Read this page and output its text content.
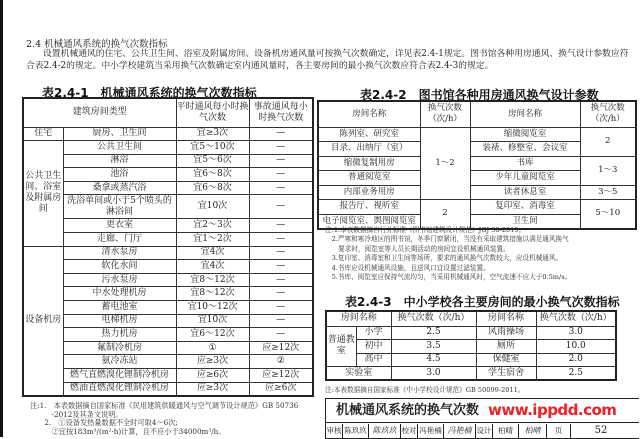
2.4 机械通风系统的换气次数指标
设置机械通风的住宅、公共卫生间、浴室及附属房间、设备机房通风量可按换气次数确定，详见表2.4-1规定。图书馆各种用房通风、换气设计参数应符合表2.4-2的规定。中小学校建筑当采用换气次数确定室内通风量时，各主要房间的最小换气次数应符合表2.4-3的规定。
表2.4-1　机械通风系统的换气次数指标
建筑房间类型		平时通风每小时换气次数	事故通风每小时换气次数
住宅	厨房、卫生间	宜≥3次	—
公共卫生间、浴室及附属房间	公共卫生间	宜5～10次	—
	淋浴	宜5～6次	—
	池浴	宜6～8次	—
	桑拿或蒸汽浴	宜6～8次	—
	洗浴单间或小于5个喷头的淋浴间	宜10次	—
	更衣室	宜2～3次	—
	走廊、门厅	宜1～2次	—
设备机房	清水泵房	宜4次	—
	软化水间	宜4次	—
	污水泵房	宜8～12次	—
	中水处理机房	宜8～12次	—
	蓄电池室	宜10～12次	—
	电梯机房	宜10次	—
	热力机房	宜6～12次	—
	氟制冷机房	①	应≥12次
	氨冷冻站	应≥3次	②
	燃气直燃溴化锂制冷机房	应≥6次	应≥12次
	燃油直燃溴化锂制冷机房	应≥3次	应≥6次
注:1.　本表数据摘自国家标准《民用建筑供暖通风与空气调节设计规范》GB 50736
　　　-2012及其条文说明。
　　2.　①设备发热量数据不全时可取4～6次;
　　　②宜按183m³/(m²·h)计算，且不应小于34000m³/h。
表2.4-2　图书馆各种用房通风换气设计参数
房间名称	换气次数（次/h）	房间名称	换气次数（次/h）
陈列室、研究室	1～2	缩微阅览室	2
目录、出纳厅（室）		装裱、修整室、会议室	
缩微复制用房		书库	1～3
普通阅览室		少年儿童阅览室	
内部业务用房		读者休息室	3～5
报告厅、视听室	2	复印室、消毒室	5～10
电子阅览室、舆图阅览室		卫生间	
注:1.本表数据摘自行业标准《图书馆建筑设计规范》JGJ 38-2015。
　2.严寒和寒冷地区的图书馆，冬季门窗紧闭，当没有采取建筑措施以满足通风换气
　　要求时，阅览室等人员长期活动的房间宜设机械通风装置。
　3.复印室、消毒室和卫生间等场所，要求的通风换气次数较大，应设机械通风。
　4.书库应设机械通风设施，且送风口宜设置过滤装置。
　5.书库、阅览室应保持气流均匀，当采用机械通风时，空气流速不应大于0.5m/s。
表2.4-3　中小学校各主要房间的最小换气次数指标
房间名称		换气次数（次/h）	房间名称	换气次数（次/h）
普通教室	小学	2.5	风雨操场	3.0
	初中	3.5	厕所	10.0
	高中	4.5	保健室	2.0
实验室		3.0	学生宿舍	2.5
注:本表数据摘自国家标准《中小学校设计规范》GB 50099-2011。
机械通风系统的换气次数
审核 陈玖玖 陈玖玖 校对 冯艳楠 冯艳楠 设计 柏晴	柏晴	页	52
www.ippdd.com
